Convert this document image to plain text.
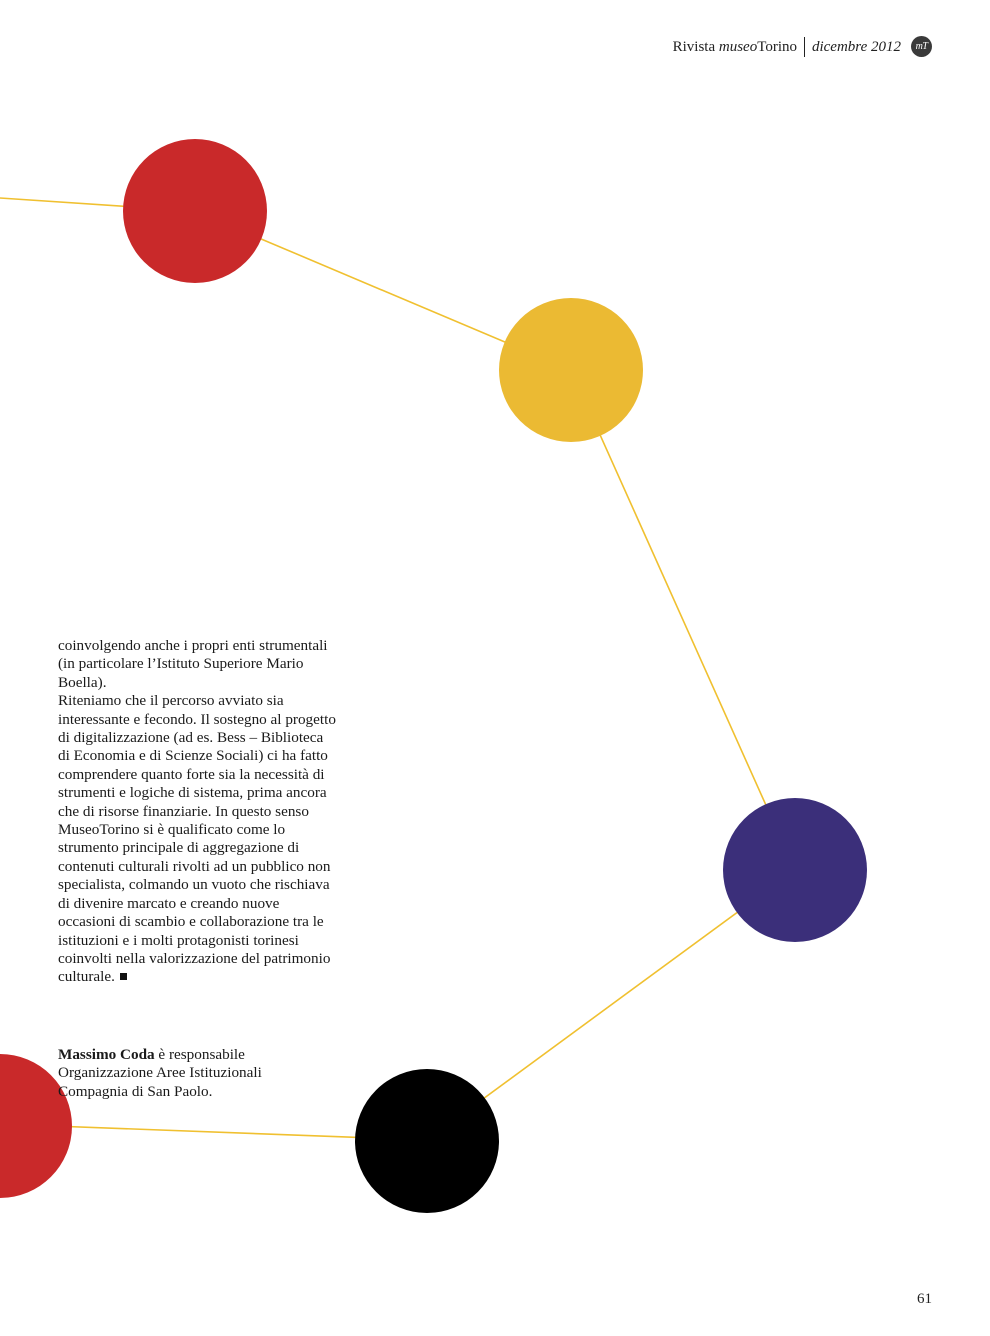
Rivista
museo Torino dicembre 2012	mT

coinvolgendo anche i propri enti strumentali (in particolare l’Istituto Superiore Mario Boella).

Riteniamo che il percorso avviato sia interessante e fecondo. Il sostegno al progetto di digitalizzazione (ad es. Bess – Biblioteca di Economia e di Scienze Sociali) ci ha fatto comprendere quanto forte sia la necessità di strumenti e logiche di sistema, prima ancora che di risorse finanziarie. In questo senso MuseoTorino si è qualificato come lo strumento principale di aggregazione di contenuti culturali rivolti ad un pubblico non specialista, colmando un vuoto che rischiava di divenire marcato e creando nuove occasioni di scambio e collaborazione tra le istituzioni e i molti protagonisti torinesi coinvolti nella valorizzazione del patrimonio culturale.

Massimo Coda è responsabile

Organizzazione Aree Istituzionali

Compagnia di San Paolo.

61
